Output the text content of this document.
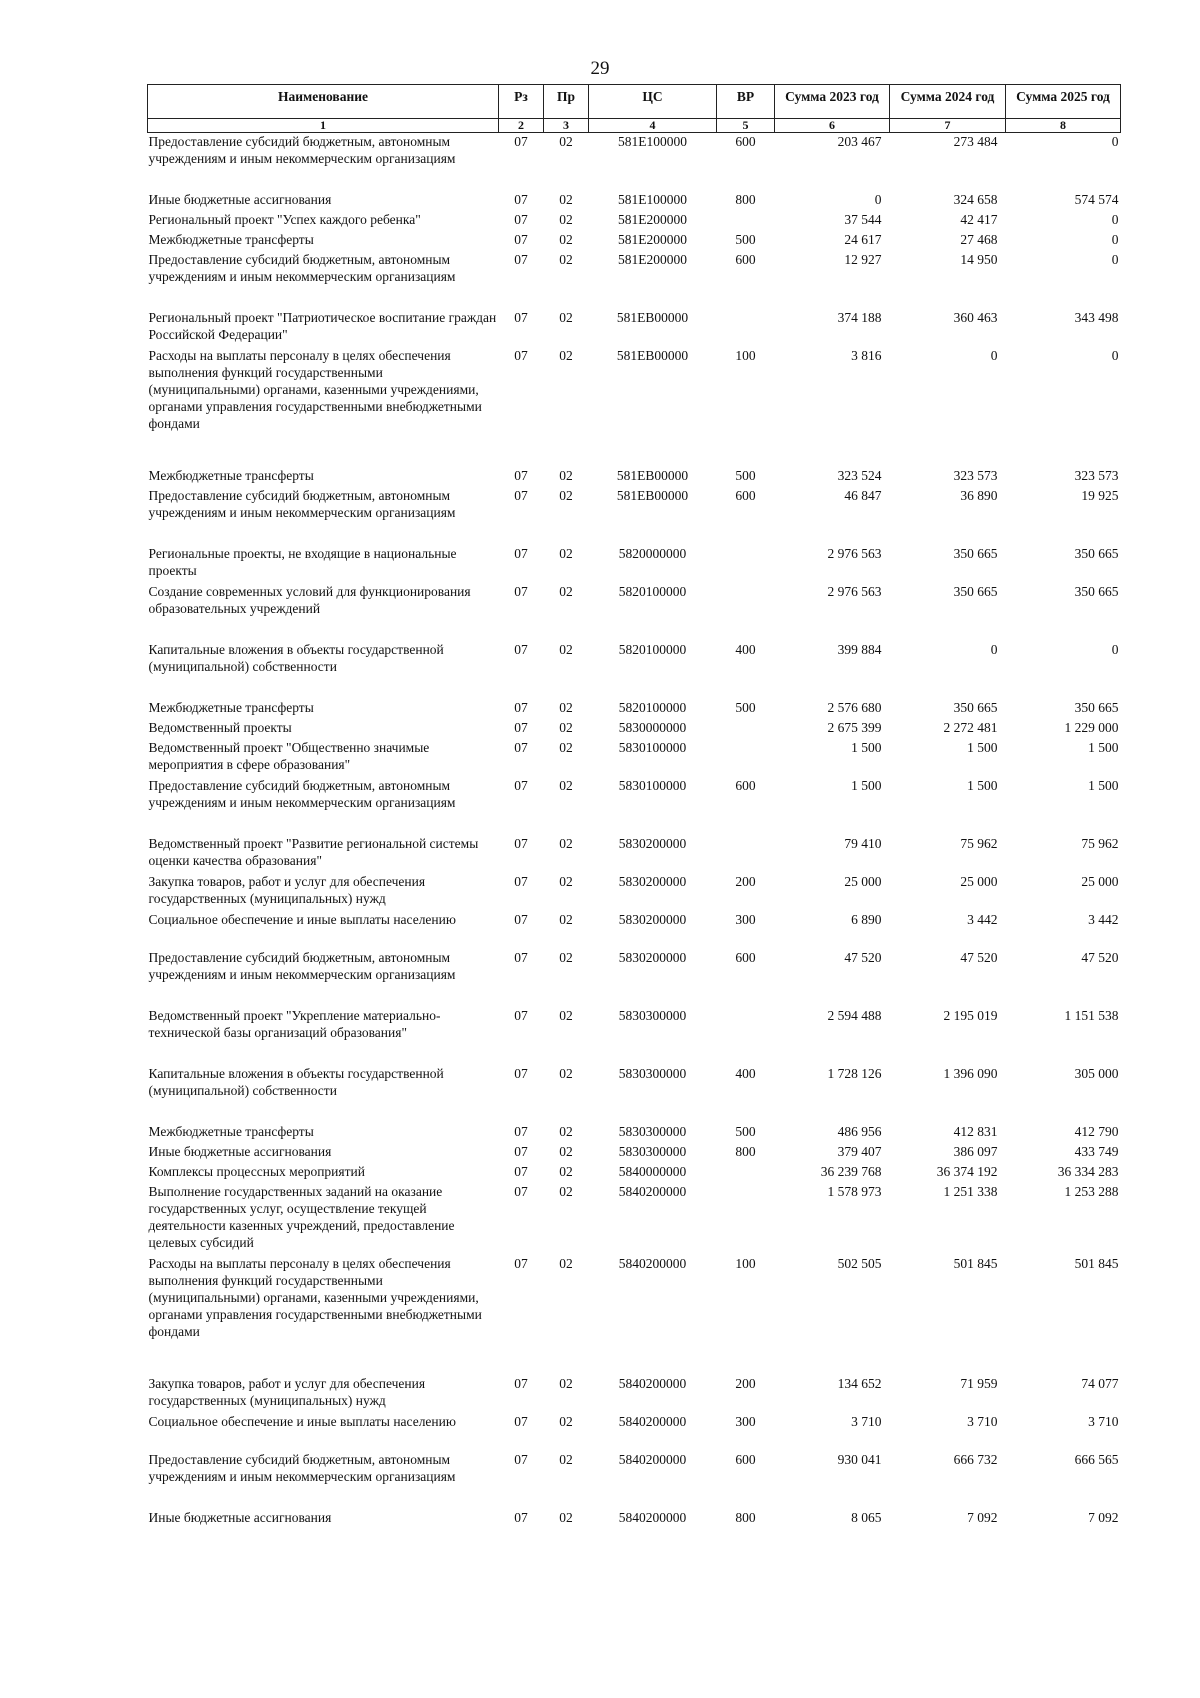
29
Наименование	Рз	Пр	ЦС	ВР	Сумма 2023 год	Сумма 2024 год	Сумма 2025 год
1	2	3	4	5	6	7	8
Предоставление субсидий бюджетным, автономным учреждениям и иным некоммерческим организациям	07	02	581E100000	600	203 467	273 484	0
Иные бюджетные ассигнования	07	02	581E100000	800	0	324 658	574 574
Региональный проект "Успех каждого ребенка"	07	02	581E200000		37 544	42 417	0
Межбюджетные трансферты	07	02	581E200000	500	24 617	27 468	0
Предоставление субсидий бюджетным, автономным учреждениям и иным некоммерческим организациям	07	02	581E200000	600	12 927	14 950	0
Региональный проект "Патриотическое воспитание граждан Российской Федерации"	07	02	581EВ00000		374 188	360 463	343 498
Расходы на выплаты персоналу в целях обеспечения выполнения функций государственными (муниципальными) органами, казенными учреждениями, органами управления государственными внебюджетными фондами	07	02	581EВ00000	100	3 816	0	0
Межбюджетные трансферты	07	02	581EВ00000	500	323 524	323 573	323 573
Предоставление субсидий бюджетным, автономным учреждениям и иным некоммерческим организациям	07	02	581EВ00000	600	46 847	36 890	19 925
Региональные проекты, не входящие в национальные проекты	07	02	5820000000		2 976 563	350 665	350 665
Создание современных условий для функционирования образовательных учреждений	07	02	5820100000		2 976 563	350 665	350 665
Капитальные вложения в объекты государственной (муниципальной) собственности	07	02	5820100000	400	399 884	0	0
Межбюджетные трансферты	07	02	5820100000	500	2 576 680	350 665	350 665
Ведомственный проекты	07	02	5830000000		2 675 399	2 272 481	1 229 000
Ведомственный проект "Общественно значимые мероприятия в сфере образования"	07	02	5830100000		1 500	1 500	1 500
Предоставление субсидий бюджетным, автономным учреждениям и иным некоммерческим организациям	07	02	5830100000	600	1 500	1 500	1 500
Ведомственный проект "Развитие региональной системы оценки качества образования"	07	02	5830200000		79 410	75 962	75 962
Закупка товаров, работ и услуг для обеспечения государственных (муниципальных) нужд	07	02	5830200000	200	25 000	25 000	25 000
Социальное обеспечение и иные выплаты населению	07	02	5830200000	300	6 890	3 442	3 442
Предоставление субсидий бюджетным, автономным учреждениям и иным некоммерческим организациям	07	02	5830200000	600	47 520	47 520	47 520
Ведомственный проект "Укрепление материально-технической базы организаций образования"	07	02	5830300000		2 594 488	2 195 019	1 151 538
Капитальные вложения в объекты государственной (муниципальной) собственности	07	02	5830300000	400	1 728 126	1 396 090	305 000
Межбюджетные трансферты	07	02	5830300000	500	486 956	412 831	412 790
Иные бюджетные ассигнования	07	02	5830300000	800	379 407	386 097	433 749
Комплексы процессных мероприятий	07	02	5840000000		36 239 768	36 374 192	36 334 283
Выполнение государственных заданий на оказание государственных услуг, осуществление текущей деятельности казенных учреждений, предоставление целевых субсидий	07	02	5840200000		1 578 973	1 251 338	1 253 288
Расходы на выплаты персоналу в целях обеспечения выполнения функций государственными (муниципальными) органами, казенными учреждениями, органами управления государственными внебюджетными фондами	07	02	5840200000	100	502 505	501 845	501 845
Закупка товаров, работ и услуг для обеспечения государственных (муниципальных) нужд	07	02	5840200000	200	134 652	71 959	74 077
Социальное обеспечение и иные выплаты населению	07	02	5840200000	300	3 710	3 710	3 710
Предоставление субсидий бюджетным, автономным учреждениям и иным некоммерческим организациям	07	02	5840200000	600	930 041	666 732	666 565
Иные бюджетные ассигнования	07	02	5840200000	800	8 065	7 092	7 092
